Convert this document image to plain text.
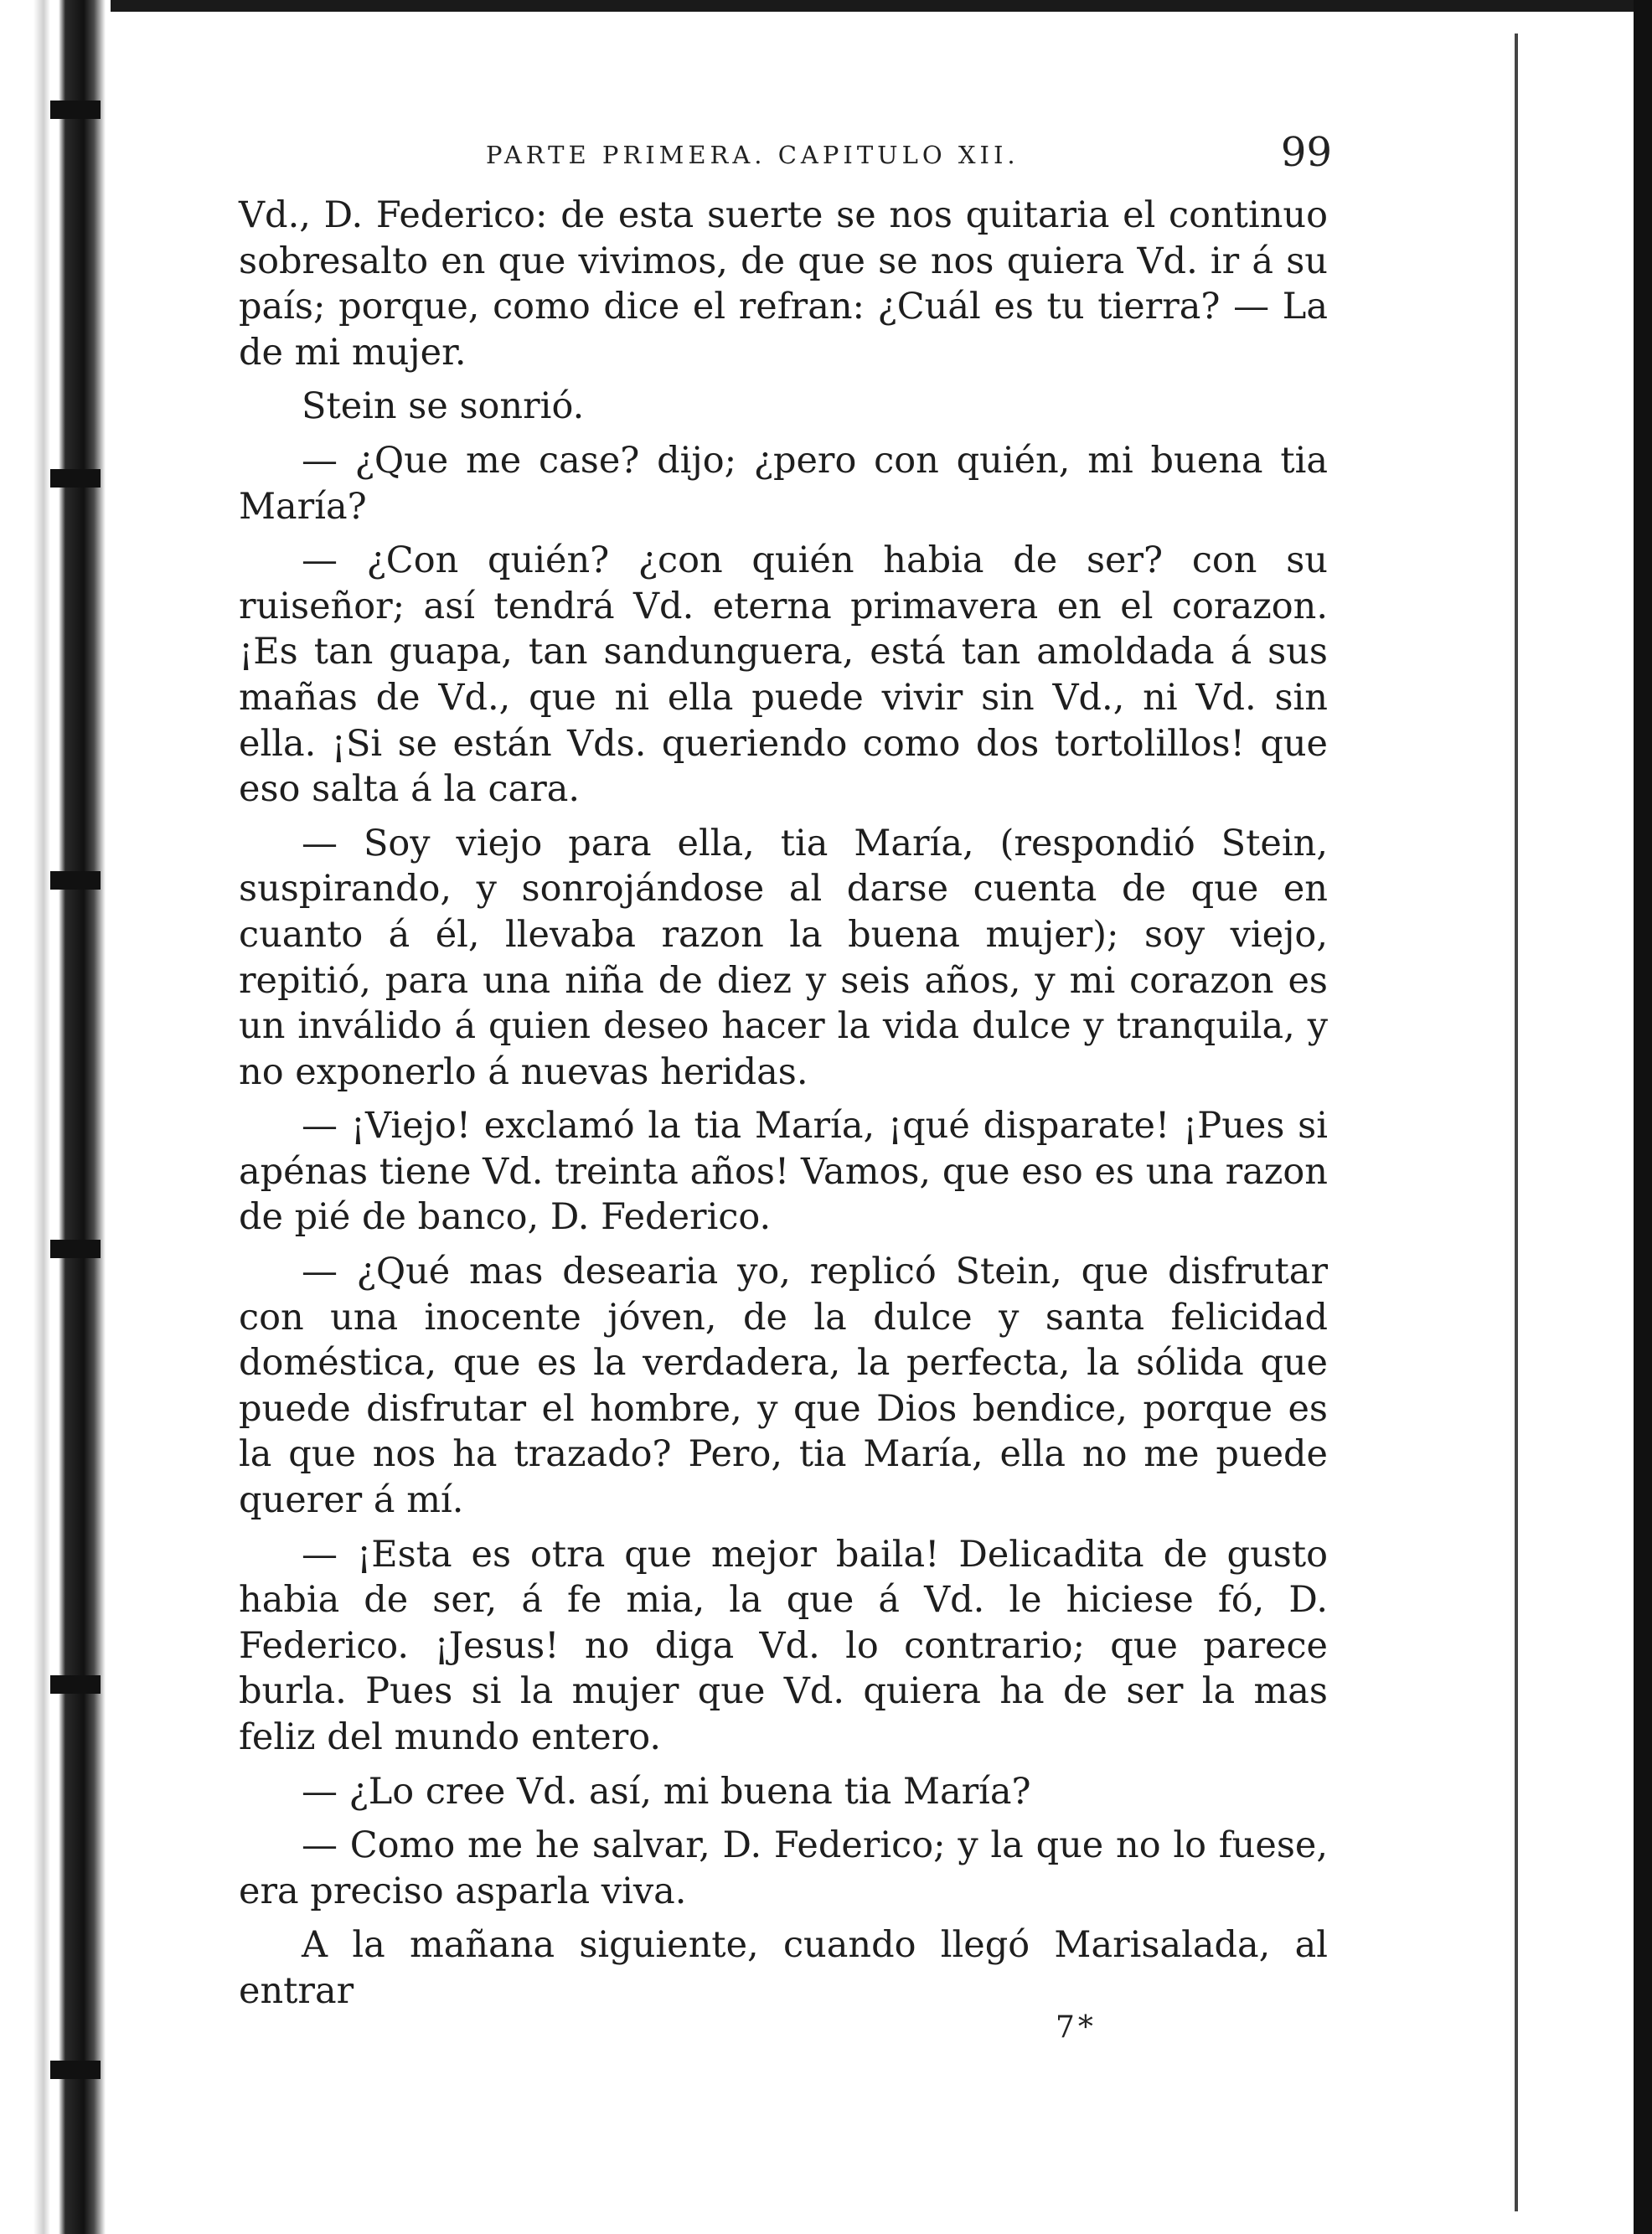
PARTE PRIMERA. CAPITULO XII.	99

Vd., D. Federico: de esta suerte se nos quitaria el continuo sobresalto en que vivimos, de que se nos quiera Vd. ir á su país; porque, como dice el refran: ¿Cuál es tu tierra? — La de mi mujer.

Stein se sonrió.

— ¿Que me case? dijo; ¿pero con quién, mi buena tia María?

— ¿Con quién? ¿con quién habia de ser? con su ruiseñor; así tendrá Vd. eterna primavera en el corazon. ¡Es tan guapa, tan sandunguera, está tan amoldada á sus mañas de Vd., que ni ella puede vivir sin Vd., ni Vd. sin ella. ¡Si se están Vds. queriendo como dos tortolillos! que eso salta á la cara.

— Soy viejo para ella, tia María, (respondió Stein, suspirando, y sonrojándose al darse cuenta de que en cuanto á él, llevaba razon la buena mujer); soy viejo, repitió, para una niña de diez y seis años, y mi corazon es un inválido á quien deseo hacer la vida dulce y tranquila, y no exponerlo á nuevas heridas.

— ¡Viejo! exclamó la tia María, ¡qué disparate! ¡Pues si apénas tiene Vd. treinta años! Vamos, que eso es una razon de pié de banco, D. Federico.

— ¿Qué mas desearia yo, replicó Stein, que disfrutar con una inocente jóven, de la dulce y santa felicidad doméstica, que es la verdadera, la perfecta, la sólida que puede disfrutar el hombre, y que Dios bendice, porque es la que nos ha trazado? Pero, tia María, ella no me puede querer á mí.

— ¡Esta es otra que mejor baila! Delicadita de gusto habia de ser, á fe mia, la que á Vd. le hiciese fó, D. Federico. ¡Jesus! no diga Vd. lo contrario; que parece burla. Pues si la mujer que Vd. quiera ha de ser la mas feliz del mundo entero.

— ¿Lo cree Vd. así, mi buena tia María?

— Como me he salvar, D. Federico; y la que no lo fuese, era preciso asparla viva.

A la mañana siguiente, cuando llegó Marisalada, al entrar

7*
